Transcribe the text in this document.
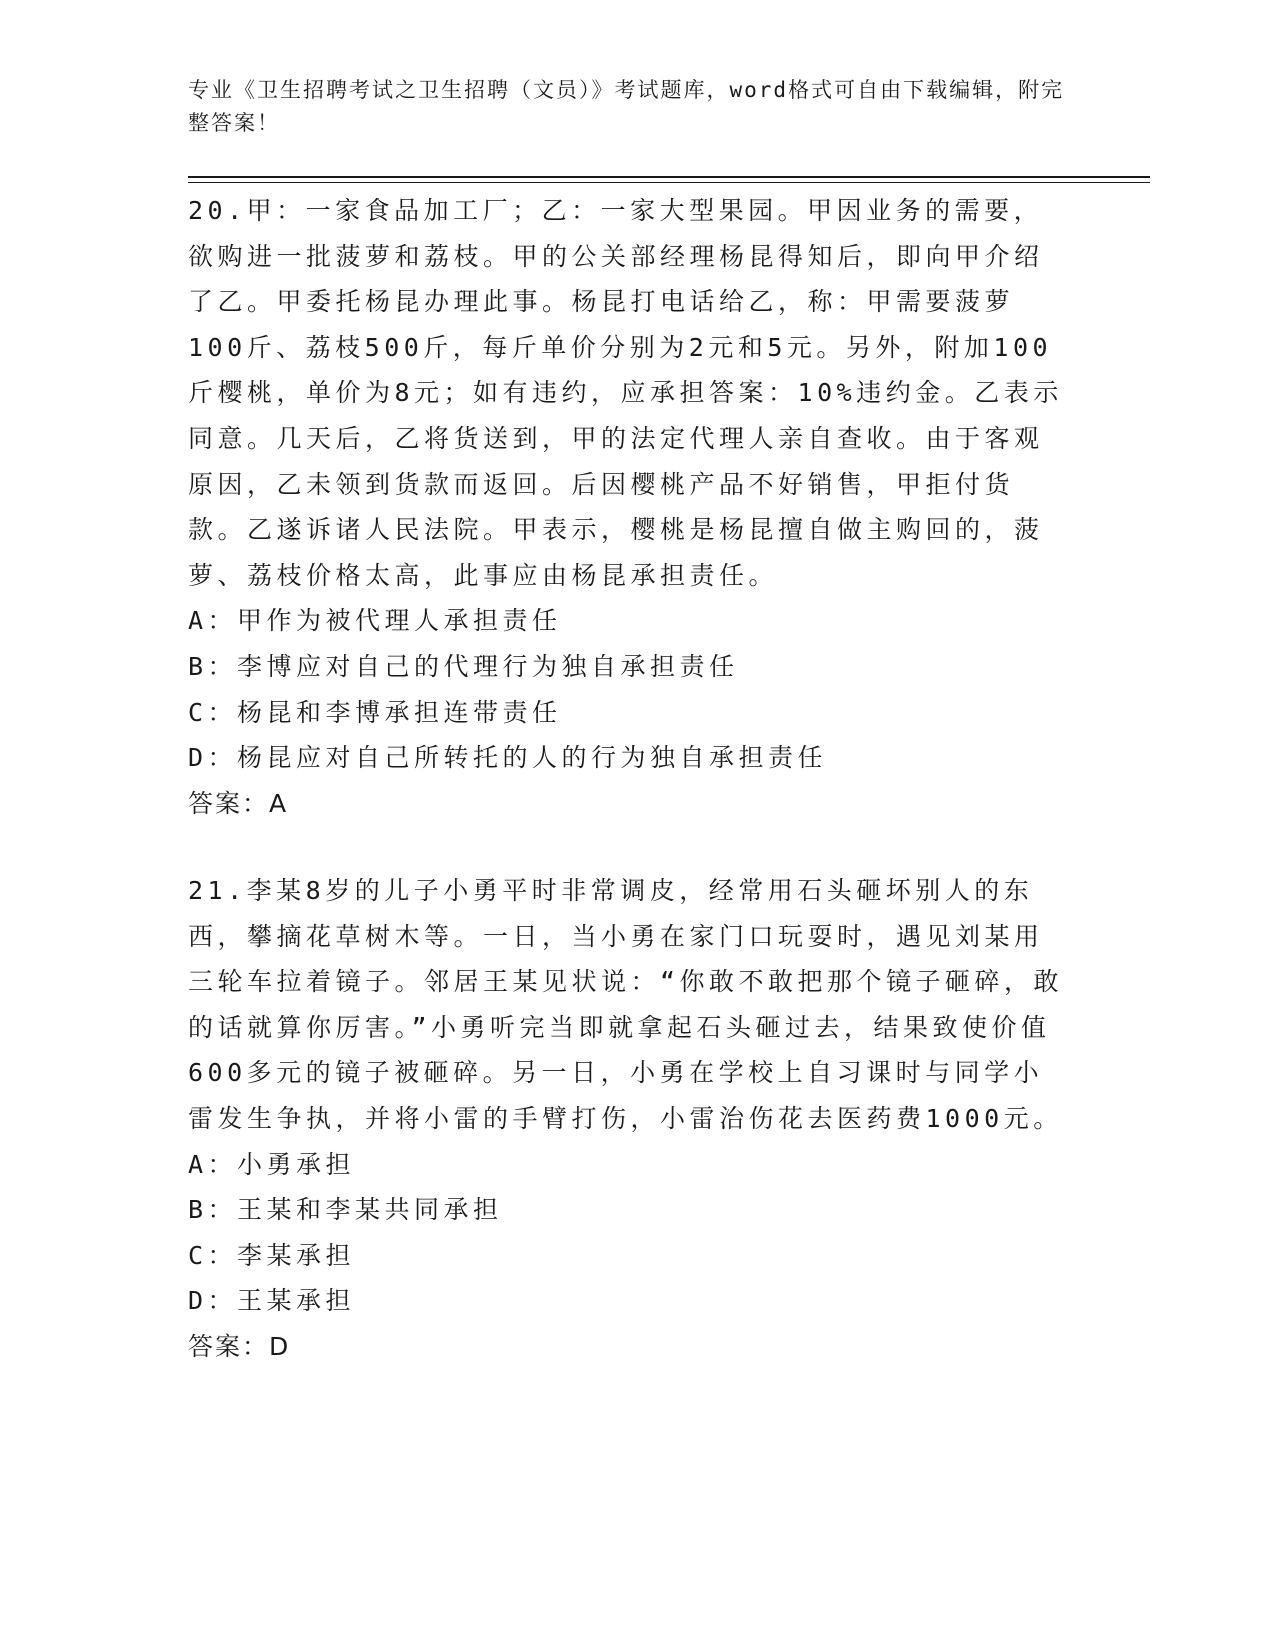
专业《卫生招聘考试之卫生招聘（文员）》考试题库，word格式可自由下载编辑，附完整答案！

20.甲：一家食品加工厂；乙：一家大型果园。甲因业务的需要，欲购进一批菠萝和荔枝。甲的公关部经理杨昆得知后，即向甲介绍了乙。甲委托杨昆办理此事。杨昆打电话给乙，称：甲需要菠萝100斤、荔枝500斤，每斤单价分别为2元和5元。另外，附加100斤樱桃，单价为8元；如有违约，应承担答案：10%违约金。乙表示同意。几天后，乙将货送到，甲的法定代理人亲自查收。由于客观原因，乙未领到货款而返回。后因樱桃产品不好销售，甲拒付货款。乙遂诉诸人民法院。甲表示，樱桃是杨昆擅自做主购回的，菠萝、荔枝价格太高，此事应由杨昆承担责任。

A：甲作为被代理人承担责任

B：李博应对自己的代理行为独自承担责任

C：杨昆和李博承担连带责任

D：杨昆应对自己所转托的人的行为独自承担责任

答案：A

21.李某8岁的儿子小勇平时非常调皮，经常用石头砸坏别人的东西，攀摘花草树木等。一日，当小勇在家门口玩耍时，遇见刘某用三轮车拉着镜子。邻居王某见状说：“你敢不敢把那个镜子砸碎，敢的话就算你厉害。”小勇听完当即就拿起石头砸过去，结果致使价值600多元的镜子被砸碎。另一日，小勇在学校上自习课时与同学小雷发生争执，并将小雷的手臂打伤，小雷治伤花去医药费1000元。

A：小勇承担

B：王某和李某共同承担

C：李某承担

D：王某承担

答案：D
